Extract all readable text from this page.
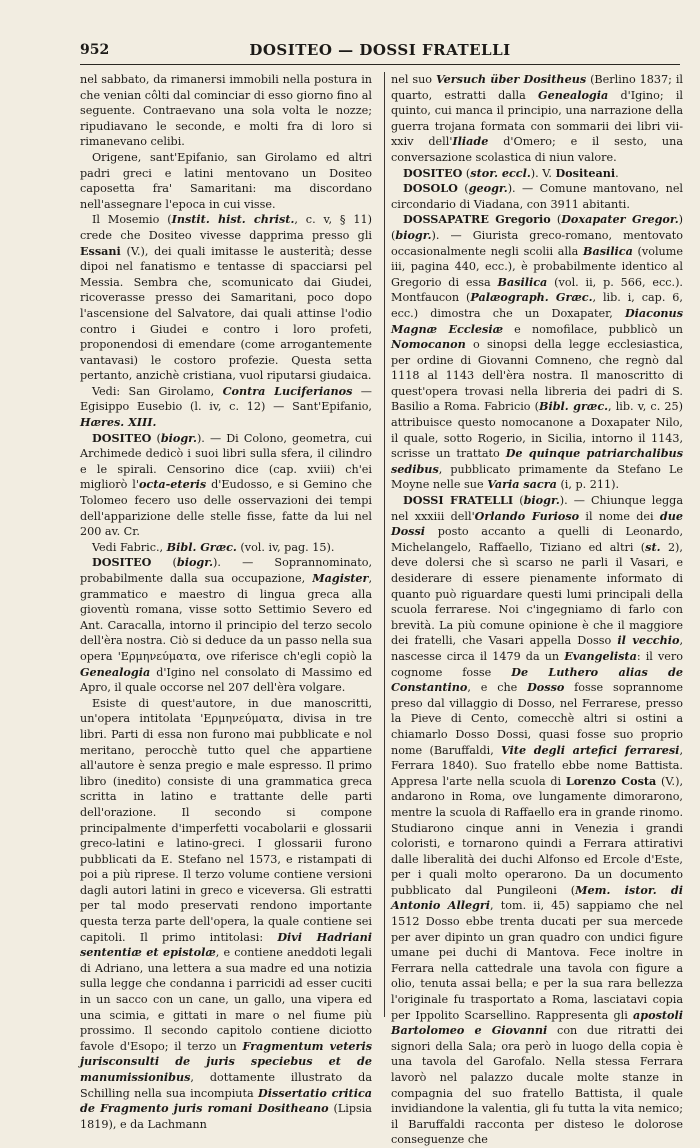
952	DOSITEO — DOSSI FRATELLI

nel sabbato, da rimanersi immobili nella postura in che venian côlti dal cominciar di esso giorno fino al seguente. Contraevano una sola volta le nozze; ripudiavano le seconde, e molti fra di loro si rimanevano celibi.

Origene, sant'Epifanio, san Girolamo ed altri padri greci e latini mentovano un Dositeo caposetta fra' Samaritani: ma discordano nell'assegnare l'epoca in cui visse.

Il Mosemio (Instit. hist. christ., c. v, § 11) crede che Dositeo vivesse dapprima presso gli Essani (V.), dei quali imitasse le austerità; desse dipoi nel fanatismo e tentasse di spacciarsi pel Messia. Sembra che, scomunicato dai Giudei, ricoverasse presso dei Samaritani, poco dopo l'ascensione del Salvatore, dai quali attinse l'odio contro i Giudei e contro i loro profeti, proponendosi di emendare (come arrogantemente vantavasi) le costoro profezie. Questa setta pertanto, anzichè cristiana, vuol riputarsi giudaica.

Vedi: San Girolamo, Contra Luciferianos — Egisippo Eusebio (l. iv, c. 12) — Sant'Epifanio, Hæres. XIII.

DOSITEO (biogr.). — Di Colono, geometra, cui Archimede dedicò i suoi libri sulla sfera, il cilindro e le spirali. Censorino dice (cap. xviii) ch'ei migliorò l'octa-eteris d'Eudosso, e si Gemino che Tolomeo fecero uso delle osservazioni dei tempi dell'apparizione delle stelle fisse, fatte da lui nel 200 av. Cr.

Vedi Fabric., Bibl. Græc. (vol. iv, pag. 15).

DOSITEO (biogr.). — Soprannominato, probabilmente dalla sua occupazione, Magister, grammatico e maestro di lingua greca alla gioventù romana, visse sotto Settimio Severo ed Ant. Caracalla, intorno il principio del terzo secolo dell'èra nostra. Ciò si deduce da un passo nella sua opera 'Ερμηνεύματα, ove riferisce ch'egli copiò la Genealogia d'Igino nel consolato di Massimo ed Apro, il quale occorse nel 207 dell'èra volgare.

Esiste di quest'autore, in due manoscritti, un'opera intitolata 'Ερμηνεύματα, divisa in tre libri. Parti di essa non furono mai pubblicate e nol meritano, perocchè tutto quel che appartiene all'autore è senza pregio e male espresso. Il primo libro (inedito) consiste di una grammatica greca scritta in latino e trattante delle parti dell'orazione. Il secondo si compone principalmente d'imperfetti vocabolarii e glossarii greco-latini e latino-greci. I glossarii furono pubblicati da E. Stefano nel 1573, e ristampati di poi a più riprese. Il terzo volume contiene versioni dagli autori latini in greco e viceversa. Gli estratti per tal modo preservati rendono importante questa terza parte dell'opera, la quale contiene sei capitoli. Il primo intitolasi: Divi Hadriani sententiæ et epistolæ, e contiene aneddoti legali di Adriano, una lettera a sua madre ed una notizia sulla legge che condanna i parricidi ad esser cuciti in un sacco con un cane, un gallo, una vipera ed una scimia, e gittati in mare o nel fiume più prossimo. Il secondo capitolo contiene diciotto favole d'Esopo; il terzo un Fragmentum veteris jurisconsulti de juris speciebus et de manumissionibus, dottamente illustrato da Schilling nella sua incompiuta Dissertatio critica de Fragmento juris romani Dositheano (Lipsia 1819), e da Lachmann

nel suo Versuch über Dositheus (Berlino 1837; il quarto, estratti dalla Genealogia d'Igino; il quinto, cui manca il principio, una narrazione della guerra trojana formata con sommarii dei libri vii-xxiv dell'Iliade d'Omero; e il sesto, una conversazione scolastica di niun valore.

DOSITEO (stor. eccl.). V. Dositeani.

DOSOLO (geogr.). — Comune mantovano, nel circondario di Viadana, con 3911 abitanti.

DOSSAPATRE Gregorio (Doxapater Gregor.) (biogr.). — Giurista greco-romano, mentovato occasionalmente negli scolii alla Basilica (volume iii, pagina 440, ecc.), è probabilmente identico al Gregorio di essa Basilica (vol. ii, p. 566, ecc.). Montfaucon (Palæograph. Græc., lib. i, cap. 6, ecc.) dimostra che un Doxapater, Diaconus Magnæ Ecclesiæ e nomofilace, pubblicò un Nomocanon o sinopsi della legge ecclesiastica, per ordine di Giovanni Comneno, che regnò dal 1118 al 1143 dell'èra nostra. Il manoscritto di quest'opera trovasi nella libreria dei padri di S. Basilio a Roma. Fabricio (Bibl. græc., lib. v, c. 25) attribuisce questo nomocanone a Doxapater Nilo, il quale, sotto Rogerio, in Sicilia, intorno il 1143, scrisse un trattato De quinque patriarchalibus sedibus, pubblicato primamente da Stefano Le Moyne nelle sue Varia sacra (i, p. 211).

DOSSI FRATELLI (biogr.). — Chiunque legga nel xxxiii dell'Orlando Furioso il nome dei due Dossi posto accanto a quelli di Leonardo, Michelangelo, Raffaello, Tiziano ed altri (st. 2), deve dolersi che sì scarso ne parli il Vasari, e desiderare di essere pienamente informato di quanto può riguardare questi lumi principali della scuola ferrarese. Noi c'ingegniamo di farlo con brevità. La più comune opinione è che il maggiore dei fratelli, che Vasari appella Dosso il vecchio, nascesse circa il 1479 da un Evangelista: il vero cognome fosse De Luthero alias de Constantino, e che Dosso fosse soprannome preso dal villaggio di Dosso, nel Ferrarese, presso la Pieve di Cento, comecchè altri si ostini a chiamarlo Dosso Dossi, quasi fosse suo proprio nome (Baruffaldi, Vite degli artefici ferraresi, Ferrara 1840). Suo fratello ebbe nome Battista. Appresa l'arte nella scuola di Lorenzo Costa (V.), andarono in Roma, ove lungamente dimorarono, mentre la scuola di Raffaello era in grande rinomo. Studiarono cinque anni in Venezia i grandi coloristi, e tornarono quindi a Ferrara attirativi dalle liberalità dei duchi Alfonso ed Ercole d'Este, per i quali molto operarono. Da un documento pubblicato dal Pungileoni (Mem. istor. di Antonio Allegri, tom. ii, 45) sappiamo che nel 1512 Dosso ebbe trenta ducati per sua mercede per aver dipinto un gran quadro con undici figure umane pei duchi di Mantova. Fece inoltre in Ferrara nella cattedrale una tavola con figure a olio, tenuta assai bella; e per la sua rara bellezza l'originale fu trasportato a Roma, lasciatavi copia per Ippolito Scarsellino. Rappresenta gli apostoli Bartolomeo e Giovanni con due ritratti dei signori della Sala; ora però in luogo della copia è una tavola del Garofalo. Nella stessa Ferrara lavorò nel palazzo ducale molte stanze in compagnia del suo fratello Battista, il quale invidiandone la valentia, gli fu tutta la vita nemico; il Baruffaldi racconta per disteso le dolorose conseguenze che
